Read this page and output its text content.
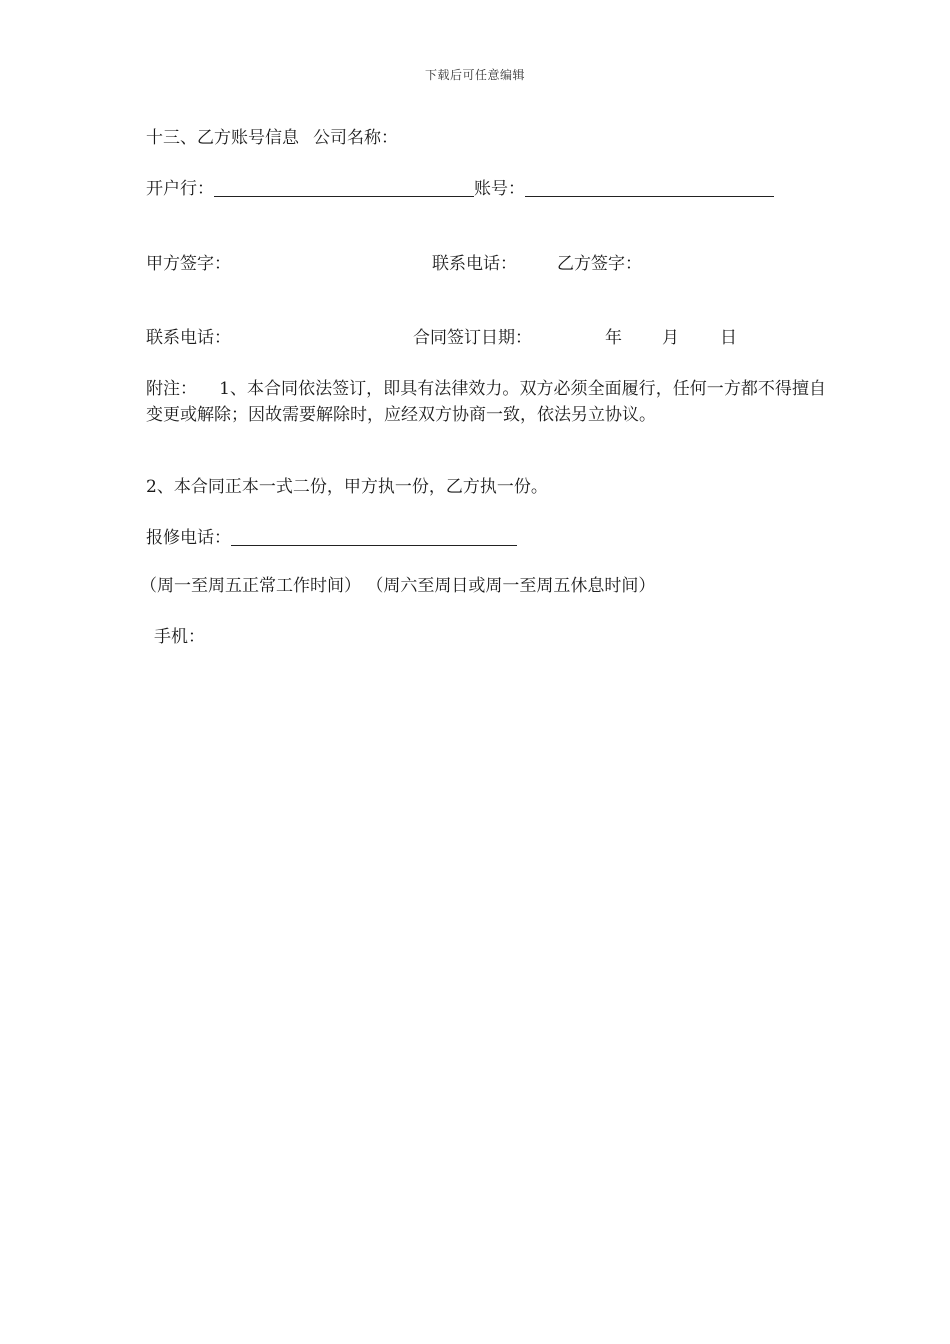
下载后可任意编辑
十三、乙方账号信息 公司名称：
开户行：	账号：
甲方签字：	联系电话： 乙方签字：
联系电话：	合同签订日期：	年 月 日
附注： 1、本合同依法签订，即具有法律效力。双方必须全面履行，任何一方都不得擅自变更或解除；因故需要解除时，应经双方协商一致，依法另立协议。
2、本合同正本一式二份，甲方执一份，乙方执一份。
报修电话：
（周一至周五正常工作时间） （周六至周日或周一至周五休息时间）
手机：
